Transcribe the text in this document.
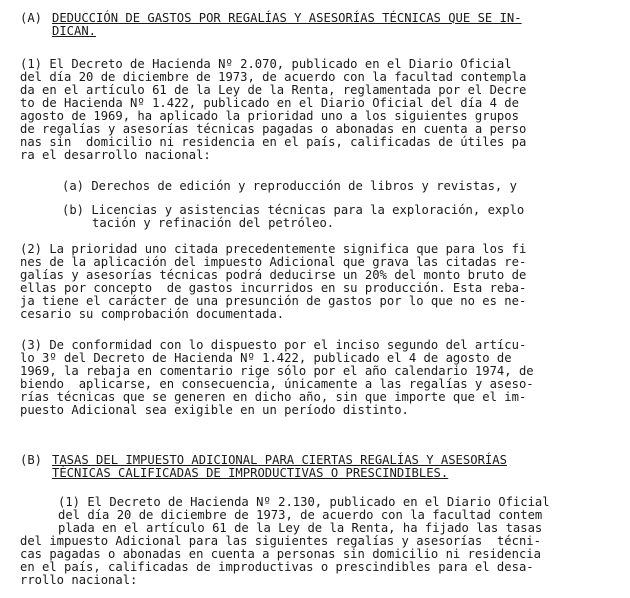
(A) DEDUCCIÓN DE GASTOS POR REGALÍAS Y ASESORÍAS TÉCNICAS QUE SE IN-
DICAN.
(1) El Decreto de Hacienda Nº 2.070, publicado en el Diario Oficial
del día 20 de diciembre de 1973, de acuerdo con la facultad contempla
da en el artículo 61 de la Ley de la Renta, reglamentada por el Decre
to de Hacienda Nº 1.422, publicado en el Diario Oficial del día 4 de
agosto de 1969, ha aplicado la prioridad uno a los siguientes grupos
de regalías y asesorías técnicas pagadas o abonadas en cuenta a perso
nas sin  domicilio ni residencia en el país, calificadas de útiles pa
ra el desarrollo nacional:
(a) Derechos de edición y reproducción de libros y revistas, y
(b) Licencias y asistencias técnicas para la exploración, explo
tación y refinación del petróleo.
(2) La prioridad uno citada precedentemente significa que para los fi
nes de la aplicación del impuesto Adicional que grava las citadas re-
galías y asesorías técnicas podrá deducirse un 20% del monto bruto de
ellas por concepto  de gastos incurridos en su producción. Esta reba-
ja tiene el carácter de una presunción de gastos por lo que no es ne-
cesario su comprobación documentada.
(3) De conformidad con lo dispuesto por el inciso segundo del artícu-
lo 3º del Decreto de Hacienda Nº 1.422, publicado el 4 de agosto de
1969, la rebaja en comentario rige sólo por el año calendario 1974, de
biendo  aplicarse, en consecuencia, únicamente a las regalías y aseso-
rías técnicas que se generen en dicho año, sin que importe que el im-
puesto Adicional sea exigible en un período distinto.
(B) TASAS DEL IMPUESTO ADICIONAL PARA CIERTAS REGALÍAS Y ASESORÍAS
TÉCNICAS CALIFICADAS DE IMPRODUCTIVAS O PRESCINDIBLES.
(1) El Decreto de Hacienda Nº 2.130, publicado en el Diario Oficial
del día 20 de diciembre de 1973, de acuerdo con la facultad contem
plada en el artículo 61 de la Ley de la Renta, ha fijado las tasas
del impuesto Adicional para las siguientes regalías y asesorías  técni-
cas pagadas o abonadas en cuenta a personas sin domicilio ni residencia
en el país, calificadas de improductivas o prescindibles para el desa-
rrollo nacional:
